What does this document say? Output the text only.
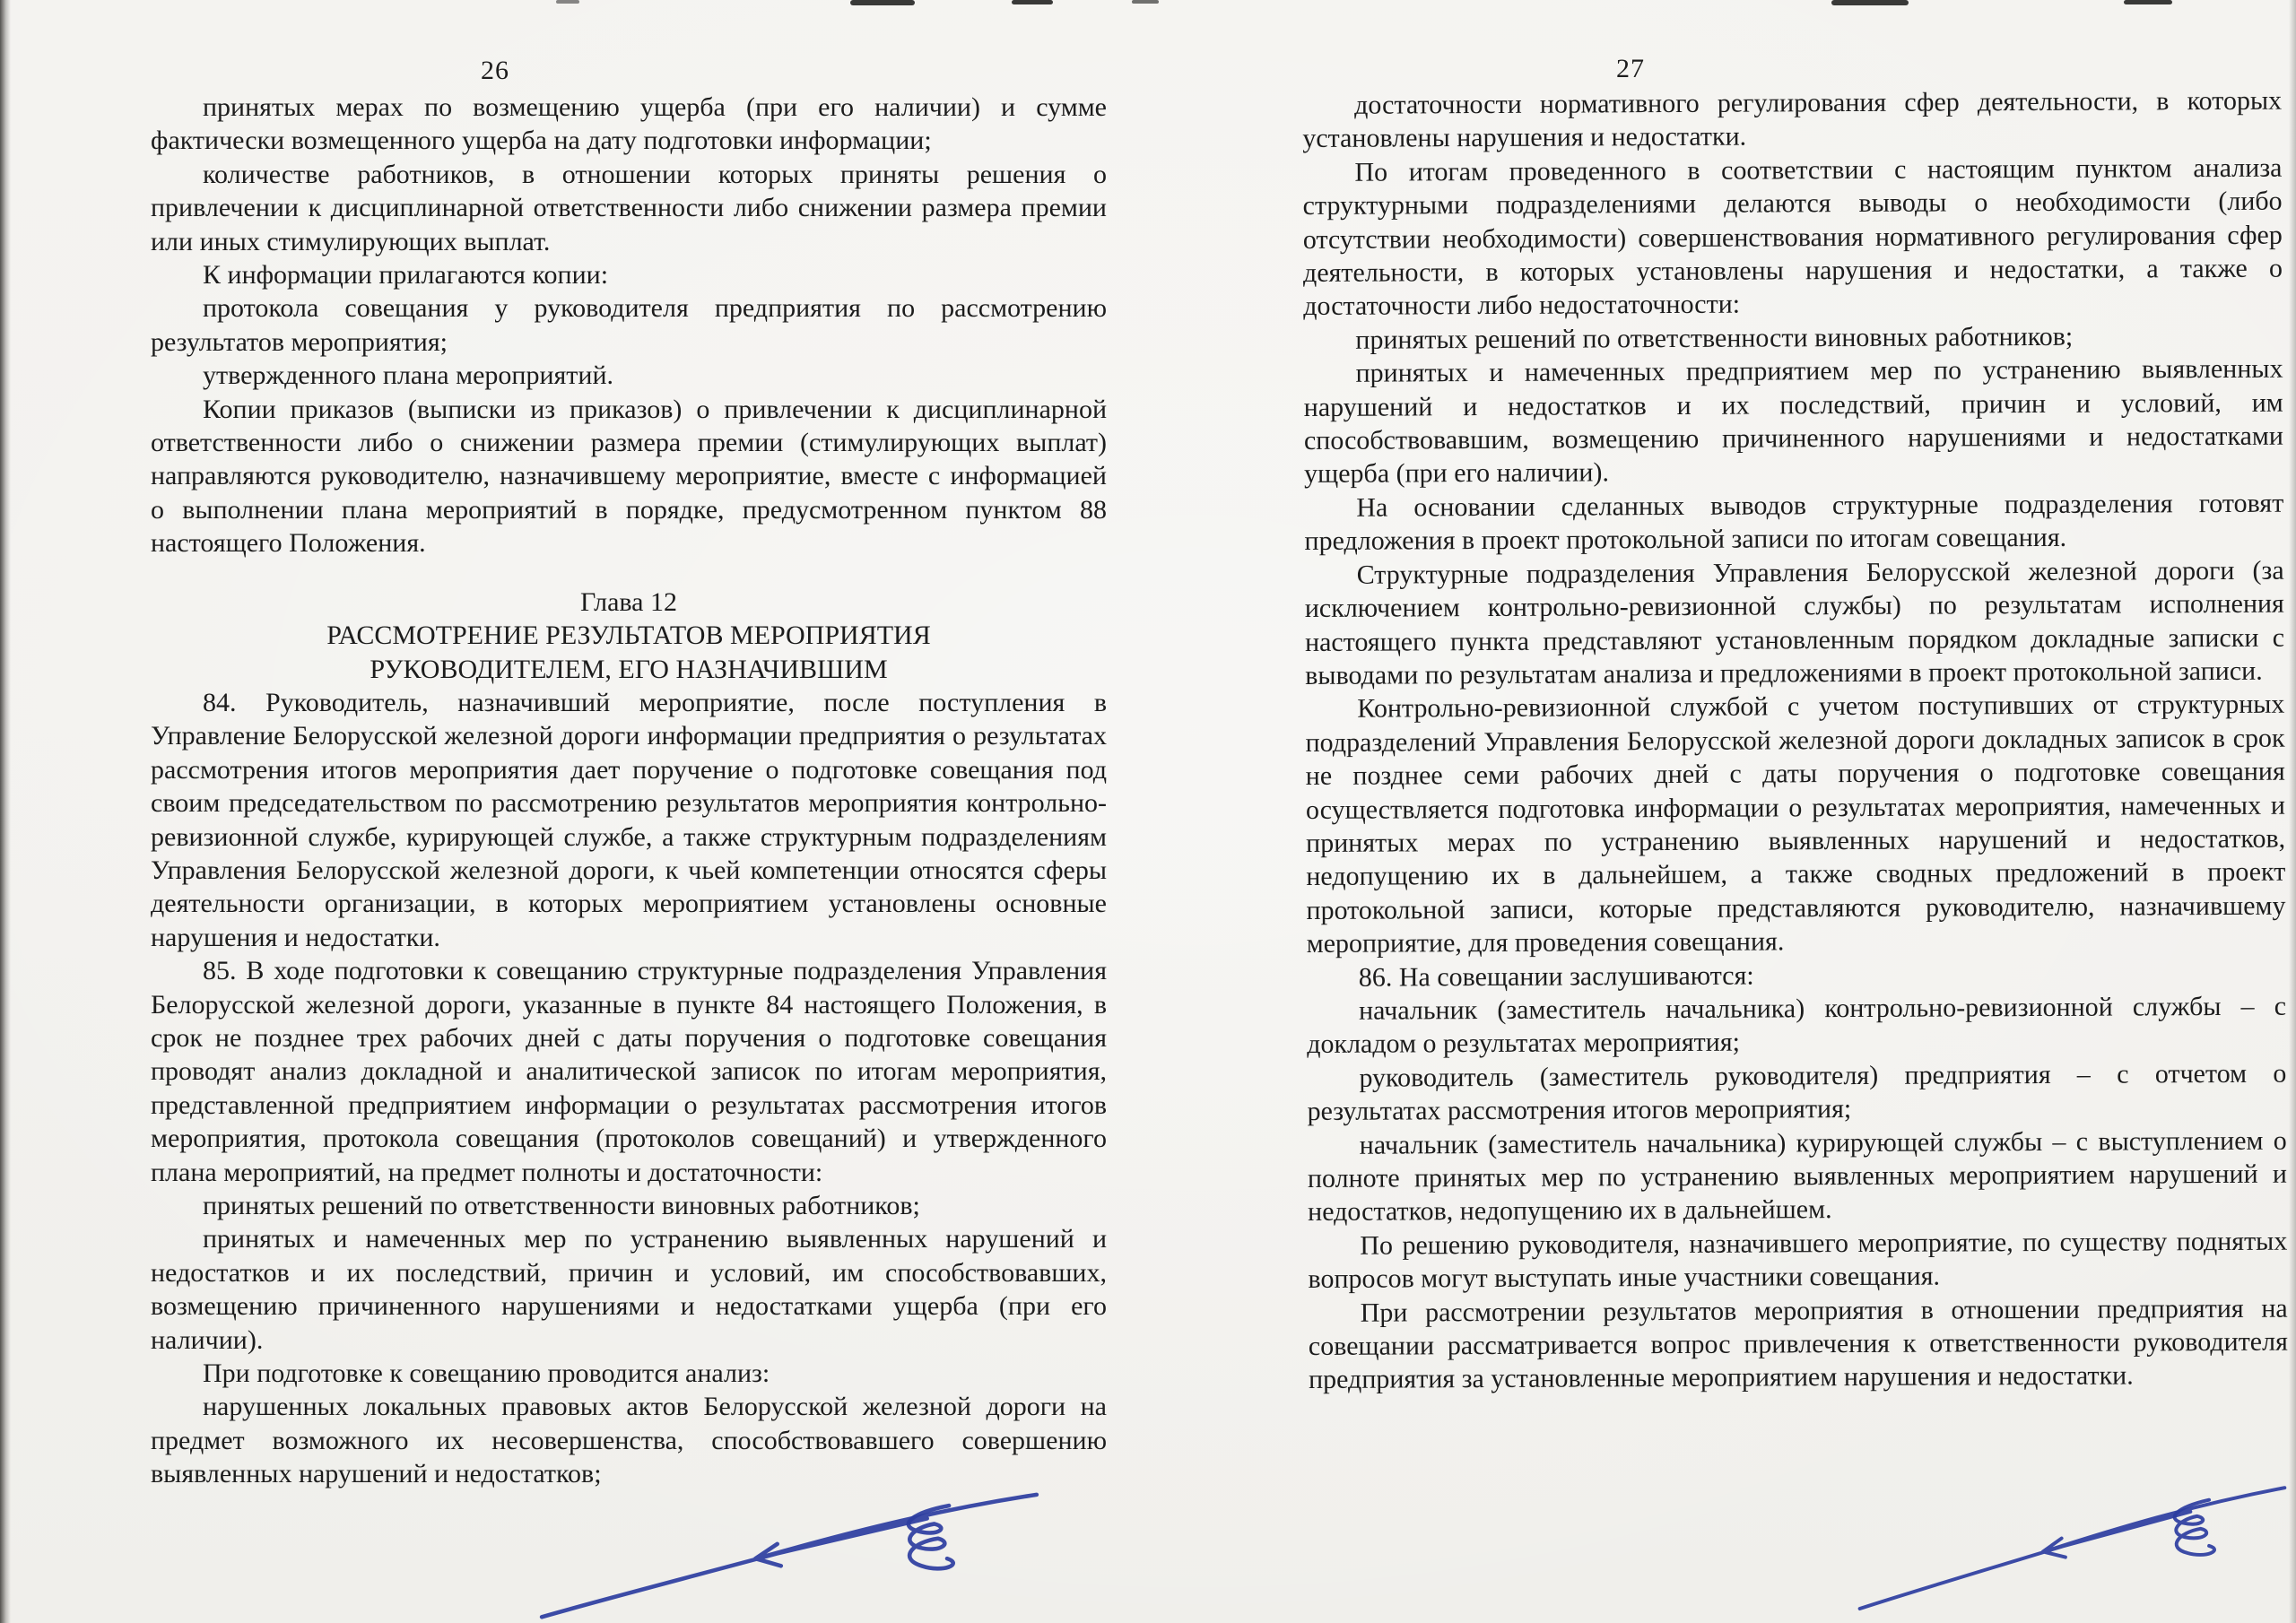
26

принятых мерах по возмещению ущерба (при его наличии) и сумме фактически возмещенного ущерба на дату подготовки информации;

количестве работников, в отношении которых приняты решения о привлечении к дисциплинарной ответственности либо снижении размера премии или иных стимулирующих выплат.

К информации прилагаются копии:

протокола совещания у руководителя предприятия по рассмотрению результатов мероприятия;

утвержденного плана мероприятий.

Копии приказов (выписки из приказов) о привлечении к дисциплинарной ответственности либо о снижении размера премии (стимулирующих выплат) направляются руководителю, назначившему мероприятие, вместе с информацией о выполнении плана мероприятий в порядке, предусмотренном пунктом 88 настоящего Положения.

Глава 12

РАССМОТРЕНИЕ РЕЗУЛЬТАТОВ МЕРОПРИЯТИЯ РУКОВОДИТЕЛЕМ, ЕГО НАЗНАЧИВШИМ

84. Руководитель, назначивший мероприятие, после поступления в Управление Белорусской железной дороги информации предприятия о результатах рассмотрения итогов мероприятия дает поручение о подготовке совещания под своим председательством по рассмотрению результатов мероприятия контрольно-ревизионной службе, курирующей службе, а также структурным подразделениям Управления Белорусской железной дороги, к чьей компетенции относятся сферы деятельности организации, в которых мероприятием установлены основные нарушения и недостатки.

85. В ходе подготовки к совещанию структурные подразделения Управления Белорусской железной дороги, указанные в пункте 84 настоящего Положения, в срок не позднее трех рабочих дней с даты поручения о подготовке совещания проводят анализ докладной и аналитической записок по итогам мероприятия, представленной предприятием информации о результатах рассмотрения итогов мероприятия, протокола совещания (протоколов совещаний) и утвержденного плана мероприятий, на предмет полноты и достаточности:

принятых решений по ответственности виновных работников;

принятых и намеченных мер по устранению выявленных нарушений и недостатков и их последствий, причин и условий, им способствовавших, возмещению причиненного нарушениями и недостатками ущерба (при его наличии).

При подготовке к совещанию проводится анализ:

нарушенных локальных правовых актов Белорусской железной дороги на предмет возможного их несовершенства, способствовавшего совершению выявленных нарушений и недостатков;

27

достаточности нормативного регулирования сфер деятельности, в которых установлены нарушения и недостатки.

По итогам проведенного в соответствии с настоящим пунктом анализа структурными подразделениями делаются выводы о необходимости (либо отсутствии необходимости) совершенствования нормативного регулирования сфер деятельности, в которых установлены нарушения и недостатки, а также о достаточности либо недостаточности:

принятых решений по ответственности виновных работников;

принятых и намеченных предприятием мер по устранению выявленных нарушений и недостатков и их последствий, причин и условий, им способствовавшим, возмещению причиненного нарушениями и недостатками ущерба (при его наличии).

На основании сделанных выводов структурные подразделения готовят предложения в проект протокольной записи по итогам совещания.

Структурные подразделения Управления Белорусской железной дороги (за исключением контрольно-ревизионной службы) по результатам исполнения настоящего пункта представляют установленным порядком докладные записки с выводами по результатам анализа и предложениями в проект протокольной записи.

Контрольно-ревизионной службой с учетом поступивших от структурных подразделений Управления Белорусской железной дороги докладных записок в срок не позднее семи рабочих дней с даты поручения о подготовке совещания осуществляется подготовка информации о результатах мероприятия, намеченных и принятых мерах по устранению выявленных нарушений и недостатков, недопущению их в дальнейшем, а также сводных предложений в проект протокольной записи, которые представляются руководителю, назначившему мероприятие, для проведения совещания.

86. На совещании заслушиваются:

начальник (заместитель начальника) контрольно-ревизионной службы – с докладом о результатах мероприятия;

руководитель (заместитель руководителя) предприятия – с отчетом о результатах рассмотрения итогов мероприятия;

начальник (заместитель начальника) курирующей службы – с выступлением о полноте принятых мер по устранению выявленных мероприятием нарушений и недостатков, недопущению их в дальнейшем.

По решению руководителя, назначившего мероприятие, по существу поднятых вопросов могут выступать иные участники совещания.

При рассмотрении результатов мероприятия в отношении предприятия на совещании рассматривается вопрос привлечения к ответственности руководителя предприятия за установленные мероприятием нарушения и недостатки.
